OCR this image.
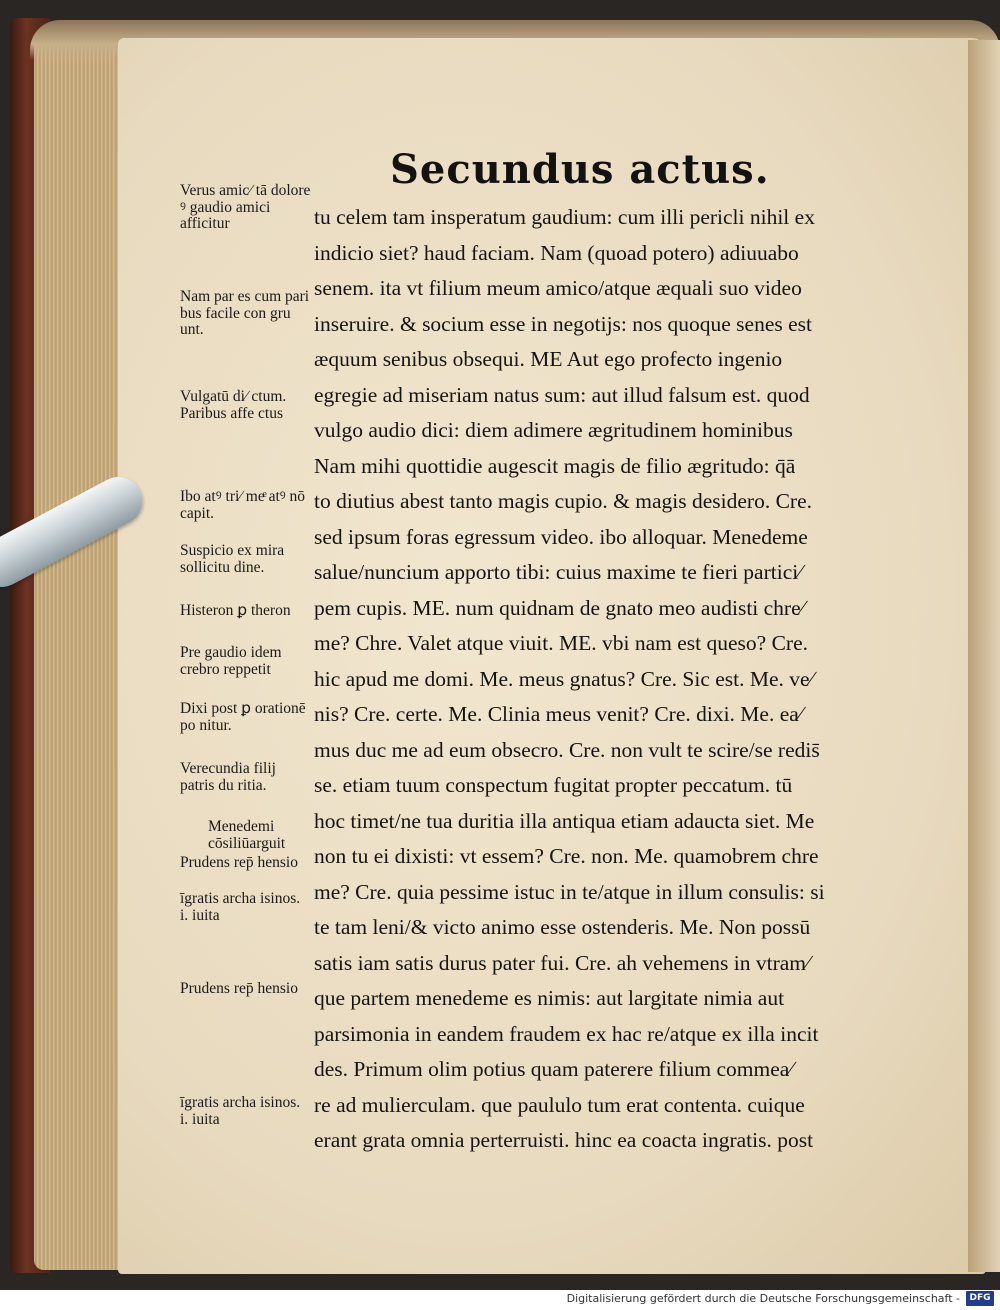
Secundus actus.
Verus amic∕ tā dolore ꝰ gaudio amici afficitur
Nam par es cum pari bus facile con gru unt.
Vulgatū di∕ ctum. Paribus affe ctus
Ibo atꝰ tri∕ meͤ atꝰ nō capit.
Suspicio ex mira sollicitu dine.
Histeron ꝑ theron
Pre gaudio idem crebro reppetit
Dixi post ꝑ orationē po nitur.
Verecundia filij patris du ritia.
Menedemi cōsiliūarguit
Prudens rep̄ hensio
īgratis archa isinos. i. iuita
Prudens rep̄ hensio
īgratis archa isinos. i. iuita
tu celem tam insperatum gaudium: cum illi pericli nihil ex
indicio siet? haud faciam. Nam (quoad potero) adiuuabo
senem. ita vt filium meum amico/atque æquali suo video
inseruire. & socium esse in negotijs: nos quoque senes est
æquum senibus obsequi. ME Aut ego profecto ingenio
egregie ad miseriam natus sum: aut illud falsum est. quod
vulgo audio dici: diem adimere ægritudinem hominibus
Nam mihi quottidie augescit magis de filio ægritudo: q̄ā
to diutius abest tanto magis cupio. & magis desidero. Cre.
sed ipsum foras egressum video. ibo alloquar. Menedeme
salue/nuncium apporto tibi: cuius maxime te fieri partici∕
pem cupis. ME. num quidnam de gnato meo audisti chre∕
me? Chre. Valet atque viuit. ME. vbi nam est queso? Cre.
hic apud me domi. Me. meus gnatus? Cre. Sic est. Me. ve∕
nis? Cre. certe. Me. Clinia meus venit? Cre. dixi. Me. ea∕
mus duc me ad eum obsecro. Cre. non vult te scire/se redis̄
se. etiam tuum conspectum fugitat propter peccatum. tū
hoc timet/ne tua duritia illa antiqua etiam adaucta siet. Me
non tu ei dixisti: vt essem? Cre. non. Me. quamobrem chre
me? Cre. quia pessime istuc in te/atque in illum consulis: si
te tam leni/& victo animo esse ostenderis. Me. Non possū
satis iam satis durus pater fui. Cre. ah vehemens in vtram∕
que partem menedeme es nimis: aut largitate nimia aut
parsimonia in eandem fraudem ex hac re/atque ex illa incit
des. Primum olim potius quam paterere filium commea∕
re ad mulierculam. que paululo tum erat contenta. cuique
erant grata omnia perterruisti. hinc ea coacta ingratis. post
Digitalisierung gefördert durch die Deutsche Forschungsgemeinschaft -	DFG
